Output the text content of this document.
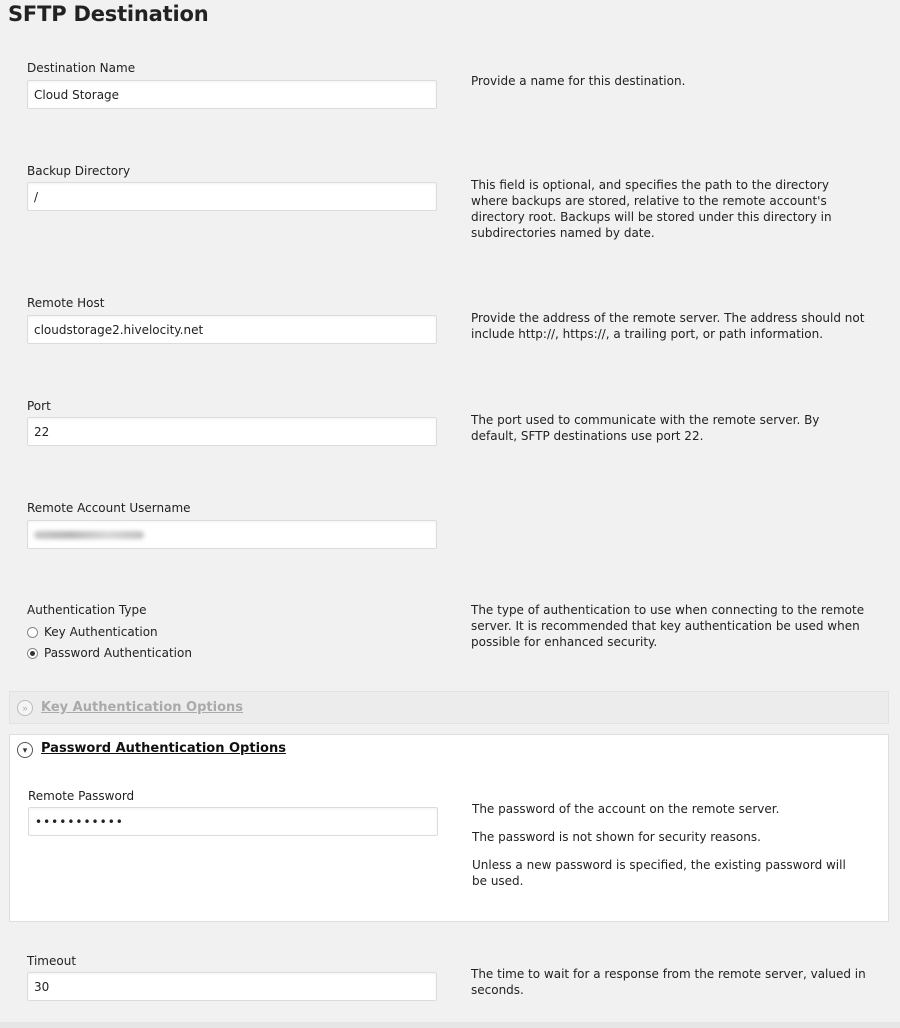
SFTP Destination
Destination Name
Cloud Storage
Provide a name for this destination.
Backup Directory
/
This field is optional, and specifies the path to the directory where backups are stored, relative to the remote account's directory root. Backups will be stored under this directory in subdirectories named by date.
Remote Host
cloudstorage2.hivelocity.net
Provide the address of the remote server. The address should not include http://, https://, a trailing port, or path information.
Port
22
The port used to communicate with the remote server. By default, SFTP destinations use port 22.
Remote Account Username
Authentication Type
Key Authentication
Password Authentication
The type of authentication to use when connecting to the remote server. It is recommended that key authentication be used when possible for enhanced security.
»	Key Authentication Options
▾	Password Authentication Options
Remote Password
•••••••••••

The password of the account on the remote server.

The password is not shown for security reasons.

Unless a new password is specified, the existing password will be used.

Timeout
30
The time to wait for a response from the remote server, valued in seconds.
